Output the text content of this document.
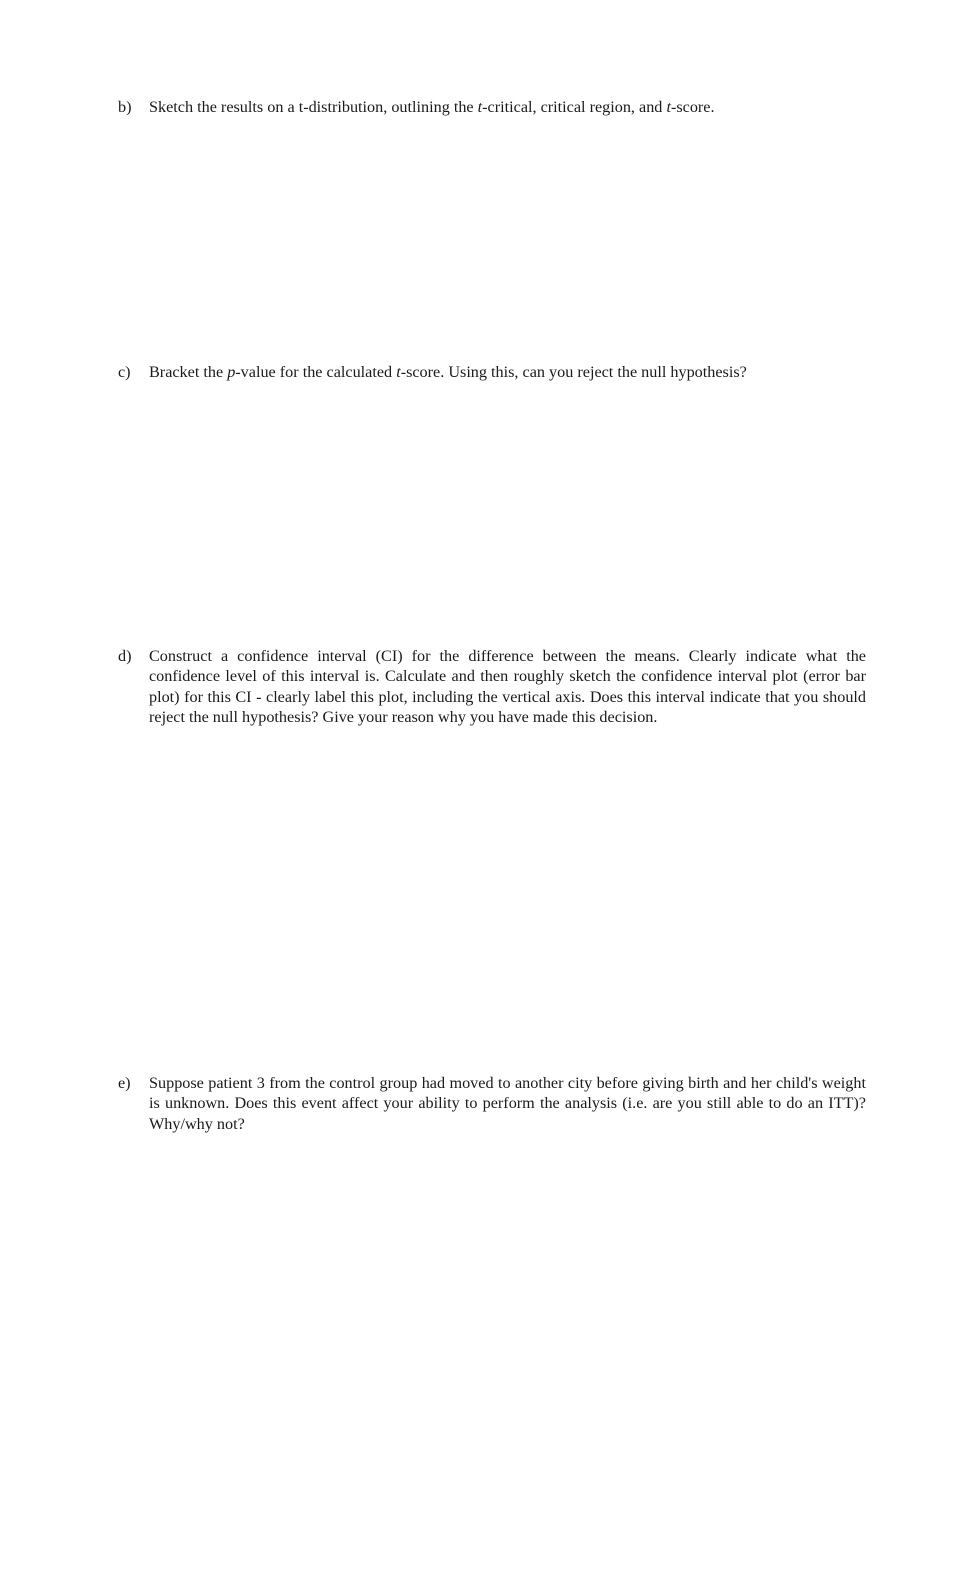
b)	Sketch the results on a t-distribution, outlining the t-critical, critical region, and t-score.
c)	Bracket the p-value for the calculated t-score. Using this, can you reject the null hypothesis?
d)	Construct a confidence interval (CI) for the difference between the means. Clearly indicate what the confidence level of this interval is. Calculate and then roughly sketch the confidence interval plot (error bar plot) for this CI - clearly label this plot, including the vertical axis. Does this interval indicate that you should reject the null hypothesis? Give your reason why you have made this decision.
e)	Suppose patient 3 from the control group had moved to another city before giving birth and her child's weight is unknown. Does this event affect your ability to perform the analysis (i.e. are you still able to do an ITT)? Why/why not?
